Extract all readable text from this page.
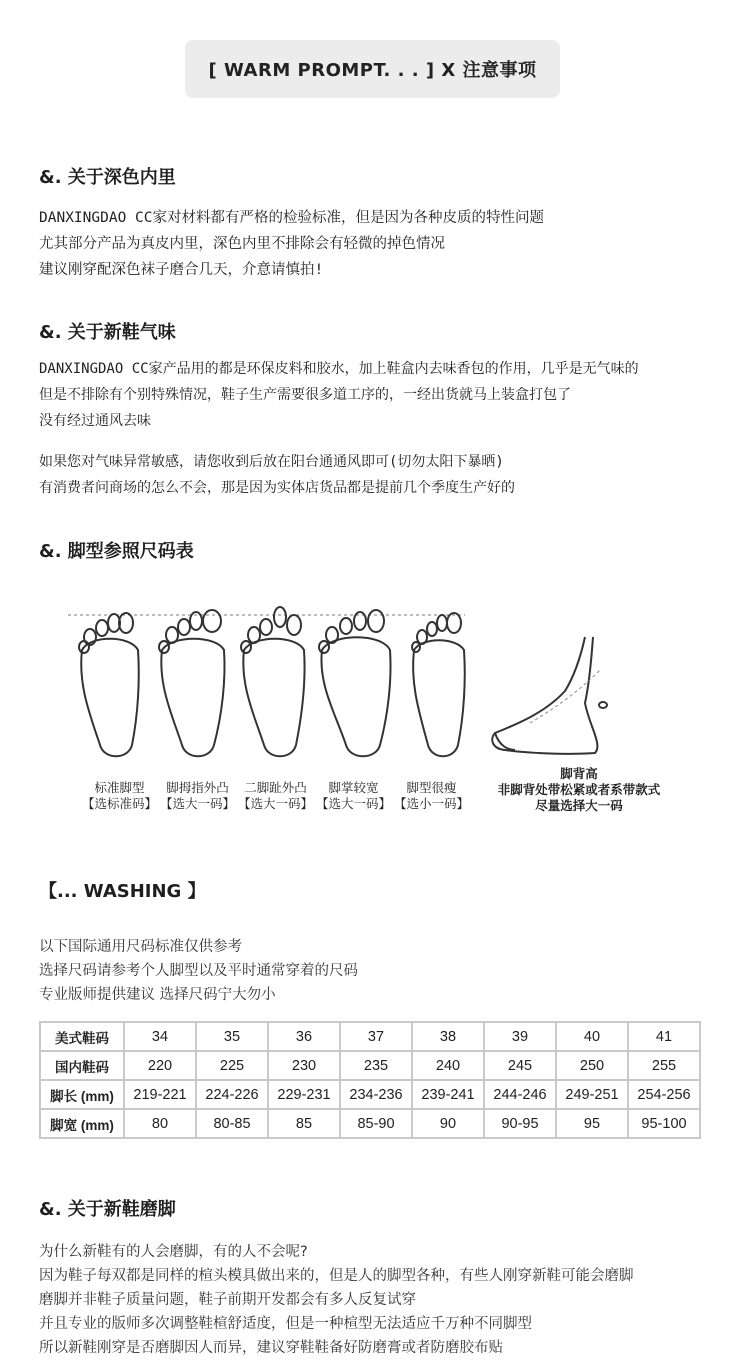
[ WARM PROMPT. . . ] Ⅹ 注意事项
&. 关于深色内里
DANXINGDAO CC家对材料都有严格的检验标准，但是因为各种皮质的特性问题
尤其部分产品为真皮内里，深色内里不排除会有轻微的掉色情况
建议刚穿配深色袜子磨合几天，介意请慎拍!
&. 关于新鞋气味
DANXINGDAO CC家产品用的都是环保皮料和胶水，加上鞋盒内去味香包的作用，几乎是无气味的
但是不排除有个别特殊情况，鞋子生产需要很多道工序的，一经出货就马上装盒打包了
没有经过通风去味
如果您对气味异常敏感，请您收到后放在阳台通通风即可(切勿太阳下暴晒)
有消费者问商场的怎么不会，那是因为实体店货品都是提前几个季度生产好的
&. 脚型参照尺码表
标准脚型
【选标准码】
脚拇指外凸
【选大一码】
二脚趾外凸
【选大一码】
脚掌较宽
【选大一码】
脚型很瘦
【选小一码】
脚背高
非脚背处带松紧或者系带款式
尽量选择大一码
【... WASHING 】
以下国际通用尺码标准仅供参考
选择尺码请参考个人脚型以及平时通常穿着的尺码
专业版师提供建议 选择尺码宁大勿小
美式鞋码	34	35	36	37	38	39	40	41
国内鞋码	220	225	230	235	240	245	250	255
脚长 (mm)	219-221	224-226	229-231	234-236	239-241	244-246	249-251	254-256
脚宽 (mm)	80	80-85	85	85-90	90	90-95	95	95-100
&. 关于新鞋磨脚
为什么新鞋有的人会磨脚，有的人不会呢?
因为鞋子每双都是同样的楦头模具做出来的，但是人的脚型各种，有些人刚穿新鞋可能会磨脚
磨脚并非鞋子质量问题，鞋子前期开发都会有多人反复试穿
并且专业的版师多次调整鞋楦舒适度，但是一种楦型无法适应千万种不同脚型
所以新鞋刚穿是否磨脚因人而异，建议穿鞋鞋备好防磨膏或者防磨胶布贴
